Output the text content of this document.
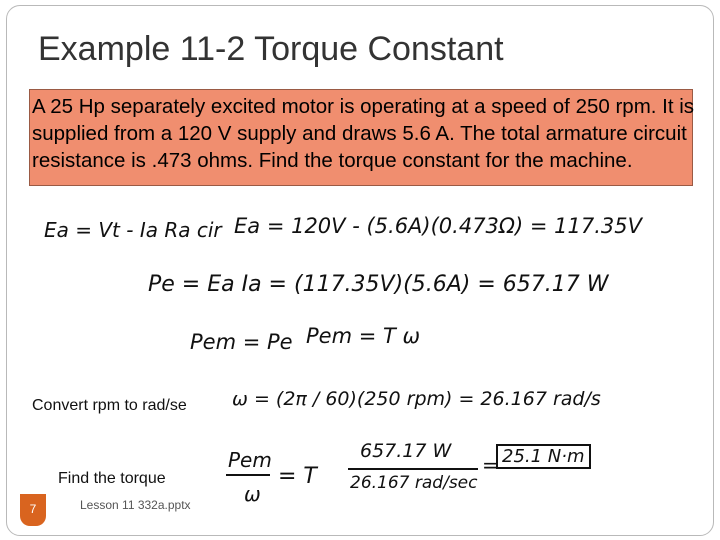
Example 11-2 Torque Constant
A 25 Hp separately excited motor is operating at a speed of 250 rpm. It is supplied from a 120 V supply and draws 5.6 A. The total armature circuit resistance is .473 ohms. Find the torque constant for the machine.
Ea = Vt - Ia Ra cir Ea = 120V - (5.6A)(0.473Ω) = 117.35V
Pe = Ea Ia = (117.35V)(5.6A) = 657.17 W
Pem = Pe Pem = T ω
Convert rpm to rad/se ω = (2π / 60)(250 rpm) = 26.167 rad/s
Find the torque
Pem
ω
= T
657.17 W
26.167 rad/sec
25.1 N·m
=
7	Lesson 11 332a.pptx
